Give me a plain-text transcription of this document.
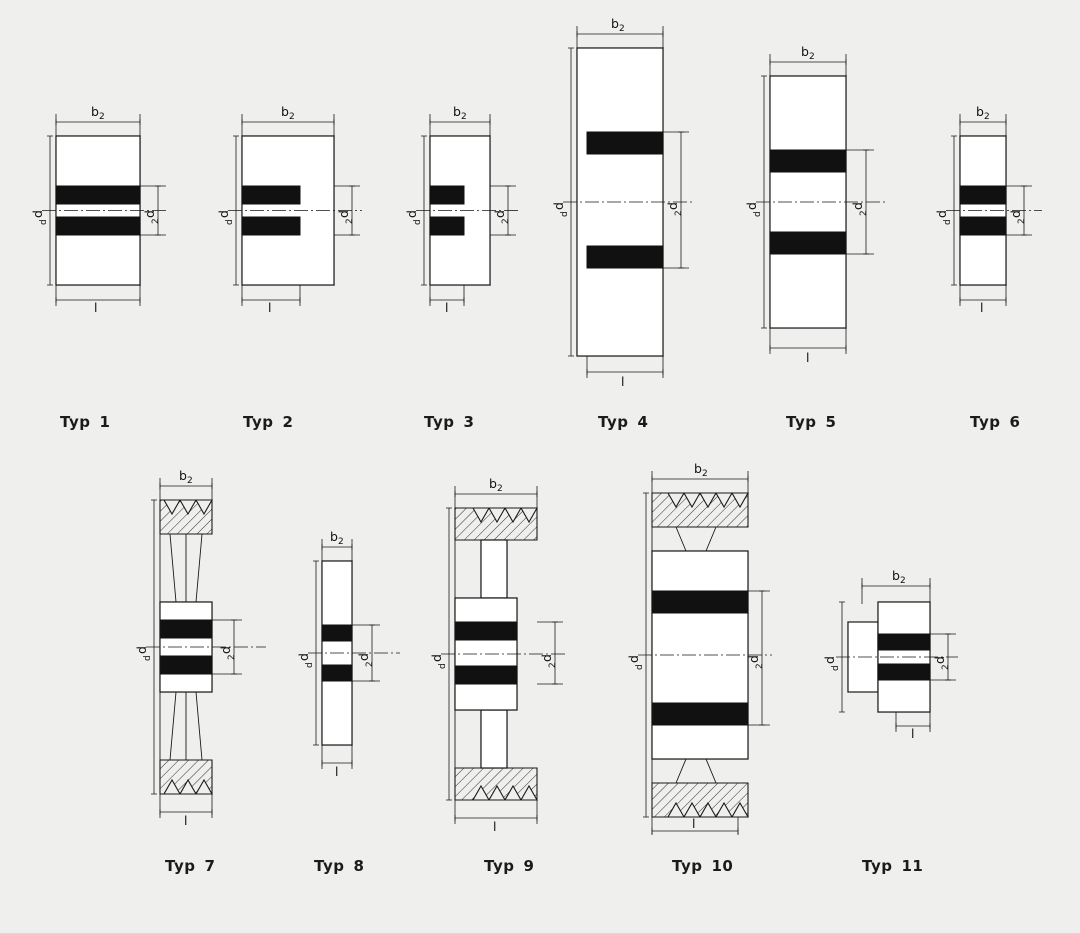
b 2
d
d
d
2
l
Typ 1
b 2
d
d
d
2
l
Typ 2
b 2
d
d
d
2
l
Typ 3
b 2
d
d
d
2
l
Typ 4
b 2
d
d
d
2
l
Typ 5
b 2
d
d
d
2
l
Typ 6
b 2
d
d
d
2
l
Typ 7
b 2
d
d
d
2
l
Typ 8
b 2
d
d
d
2
l
Typ 9
b 2
d
d
d
2
l
Typ 10
b 2
d
d
d
2
l
Typ 11
